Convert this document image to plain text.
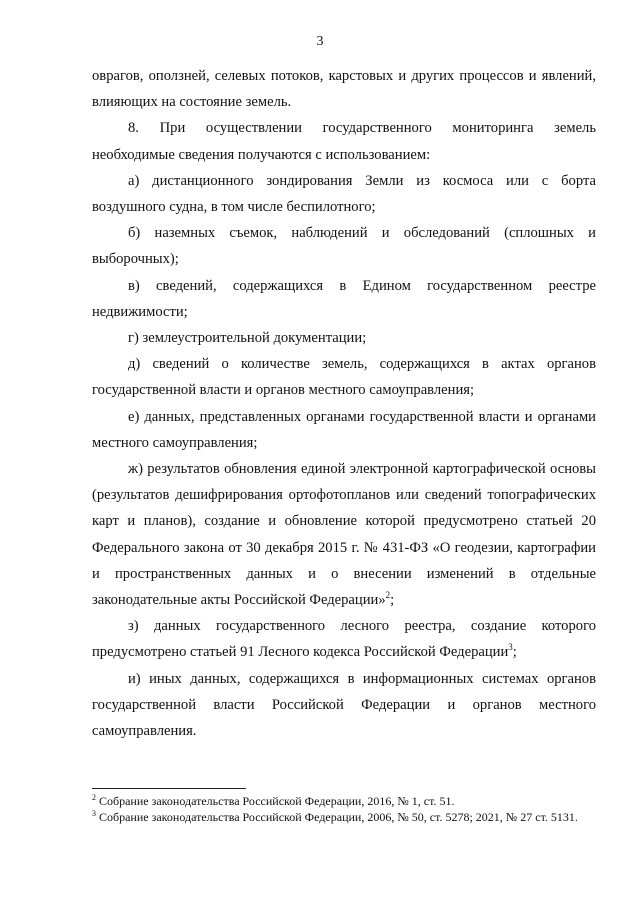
3

оврагов, оползней, селевых потоков, карстовых и других процессов и явлений, влияющих на состояние земель.

8. При осуществлении государственного мониторинга земель необходимые сведения получаются с использованием:

а) дистанционного зондирования Земли из космоса или с борта воздушного судна, в том числе беспилотного;

б) наземных съемок, наблюдений и обследований (сплошных и выборочных);

в) сведений, содержащихся в Едином государственном реестре недвижимости;

г) землеустроительной документации;

д) сведений о количестве земель, содержащихся в актах органов государственной власти и органов местного самоуправления;

е) данных, представленных органами государственной власти и органами местного самоуправления;

ж) результатов обновления единой электронной картографической основы (результатов дешифрирования ортофотопланов или сведений топографических карт и планов), создание и обновление которой предусмотрено статьей 20 Федерального закона от 30 декабря 2015 г. № 431-ФЗ «О геодезии, картографии и пространственных данных и о внесении изменений в отдельные законодательные акты Российской Федерации»$^2$;

з) данных государственного лесного реестра, создание которого предусмотрено статьей 91 Лесного кодекса Российской Федерации$^3$;

и) иных данных, содержащихся в информационных системах органов государственной власти Российской Федерации и органов местного самоуправления.

$^2$ Собрание законодательства Российской Федерации, 2016, № 1, ст. 51.

$^3$ Собрание законодательства Российской Федерации, 2006, № 50, ст. 5278; 2021, № 27 ст. 5131.
